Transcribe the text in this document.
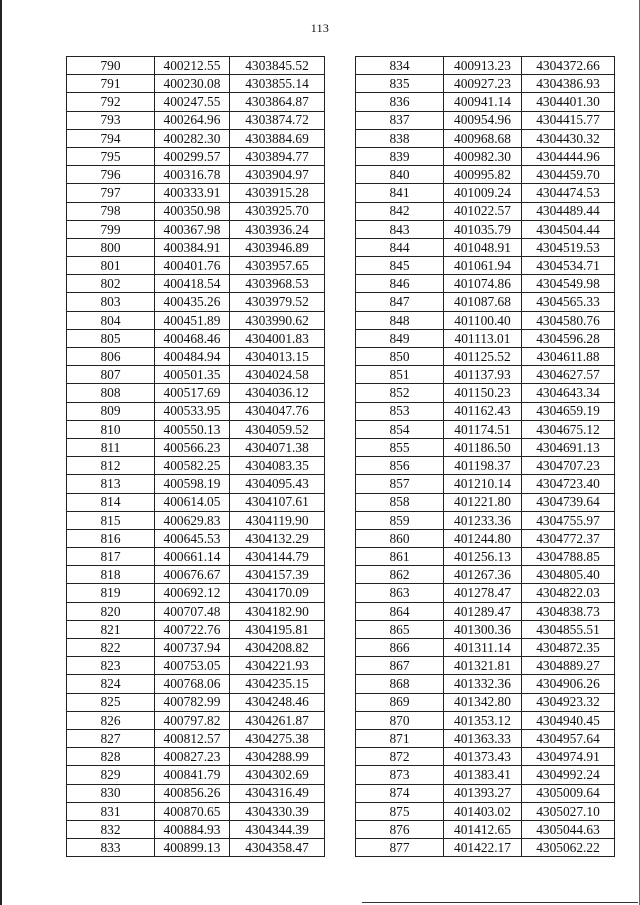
113
790	400212.55	4303845.52
791	400230.08	4303855.14
792	400247.55	4303864.87
793	400264.96	4303874.72
794	400282.30	4303884.69
795	400299.57	4303894.77
796	400316.78	4303904.97
797	400333.91	4303915.28
798	400350.98	4303925.70
799	400367.98	4303936.24
800	400384.91	4303946.89
801	400401.76	4303957.65
802	400418.54	4303968.53
803	400435.26	4303979.52
804	400451.89	4303990.62
805	400468.46	4304001.83
806	400484.94	4304013.15
807	400501.35	4304024.58
808	400517.69	4304036.12
809	400533.95	4304047.76
810	400550.13	4304059.52
811	400566.23	4304071.38
812	400582.25	4304083.35
813	400598.19	4304095.43
814	400614.05	4304107.61
815	400629.83	4304119.90
816	400645.53	4304132.29
817	400661.14	4304144.79
818	400676.67	4304157.39
819	400692.12	4304170.09
820	400707.48	4304182.90
821	400722.76	4304195.81
822	400737.94	4304208.82
823	400753.05	4304221.93
824	400768.06	4304235.15
825	400782.99	4304248.46
826	400797.82	4304261.87
827	400812.57	4304275.38
828	400827.23	4304288.99
829	400841.79	4304302.69
830	400856.26	4304316.49
831	400870.65	4304330.39
832	400884.93	4304344.39
833	400899.13	4304358.47
834	400913.23	4304372.66
835	400927.23	4304386.93
836	400941.14	4304401.30
837	400954.96	4304415.77
838	400968.68	4304430.32
839	400982.30	4304444.96
840	400995.82	4304459.70
841	401009.24	4304474.53
842	401022.57	4304489.44
843	401035.79	4304504.44
844	401048.91	4304519.53
845	401061.94	4304534.71
846	401074.86	4304549.98
847	401087.68	4304565.33
848	401100.40	4304580.76
849	401113.01	4304596.28
850	401125.52	4304611.88
851	401137.93	4304627.57
852	401150.23	4304643.34
853	401162.43	4304659.19
854	401174.51	4304675.12
855	401186.50	4304691.13
856	401198.37	4304707.23
857	401210.14	4304723.40
858	401221.80	4304739.64
859	401233.36	4304755.97
860	401244.80	4304772.37
861	401256.13	4304788.85
862	401267.36	4304805.40
863	401278.47	4304822.03
864	401289.47	4304838.73
865	401300.36	4304855.51
866	401311.14	4304872.35
867	401321.81	4304889.27
868	401332.36	4304906.26
869	401342.80	4304923.32
870	401353.12	4304940.45
871	401363.33	4304957.64
872	401373.43	4304974.91
873	401383.41	4304992.24
874	401393.27	4305009.64
875	401403.02	4305027.10
876	401412.65	4305044.63
877	401422.17	4305062.22
